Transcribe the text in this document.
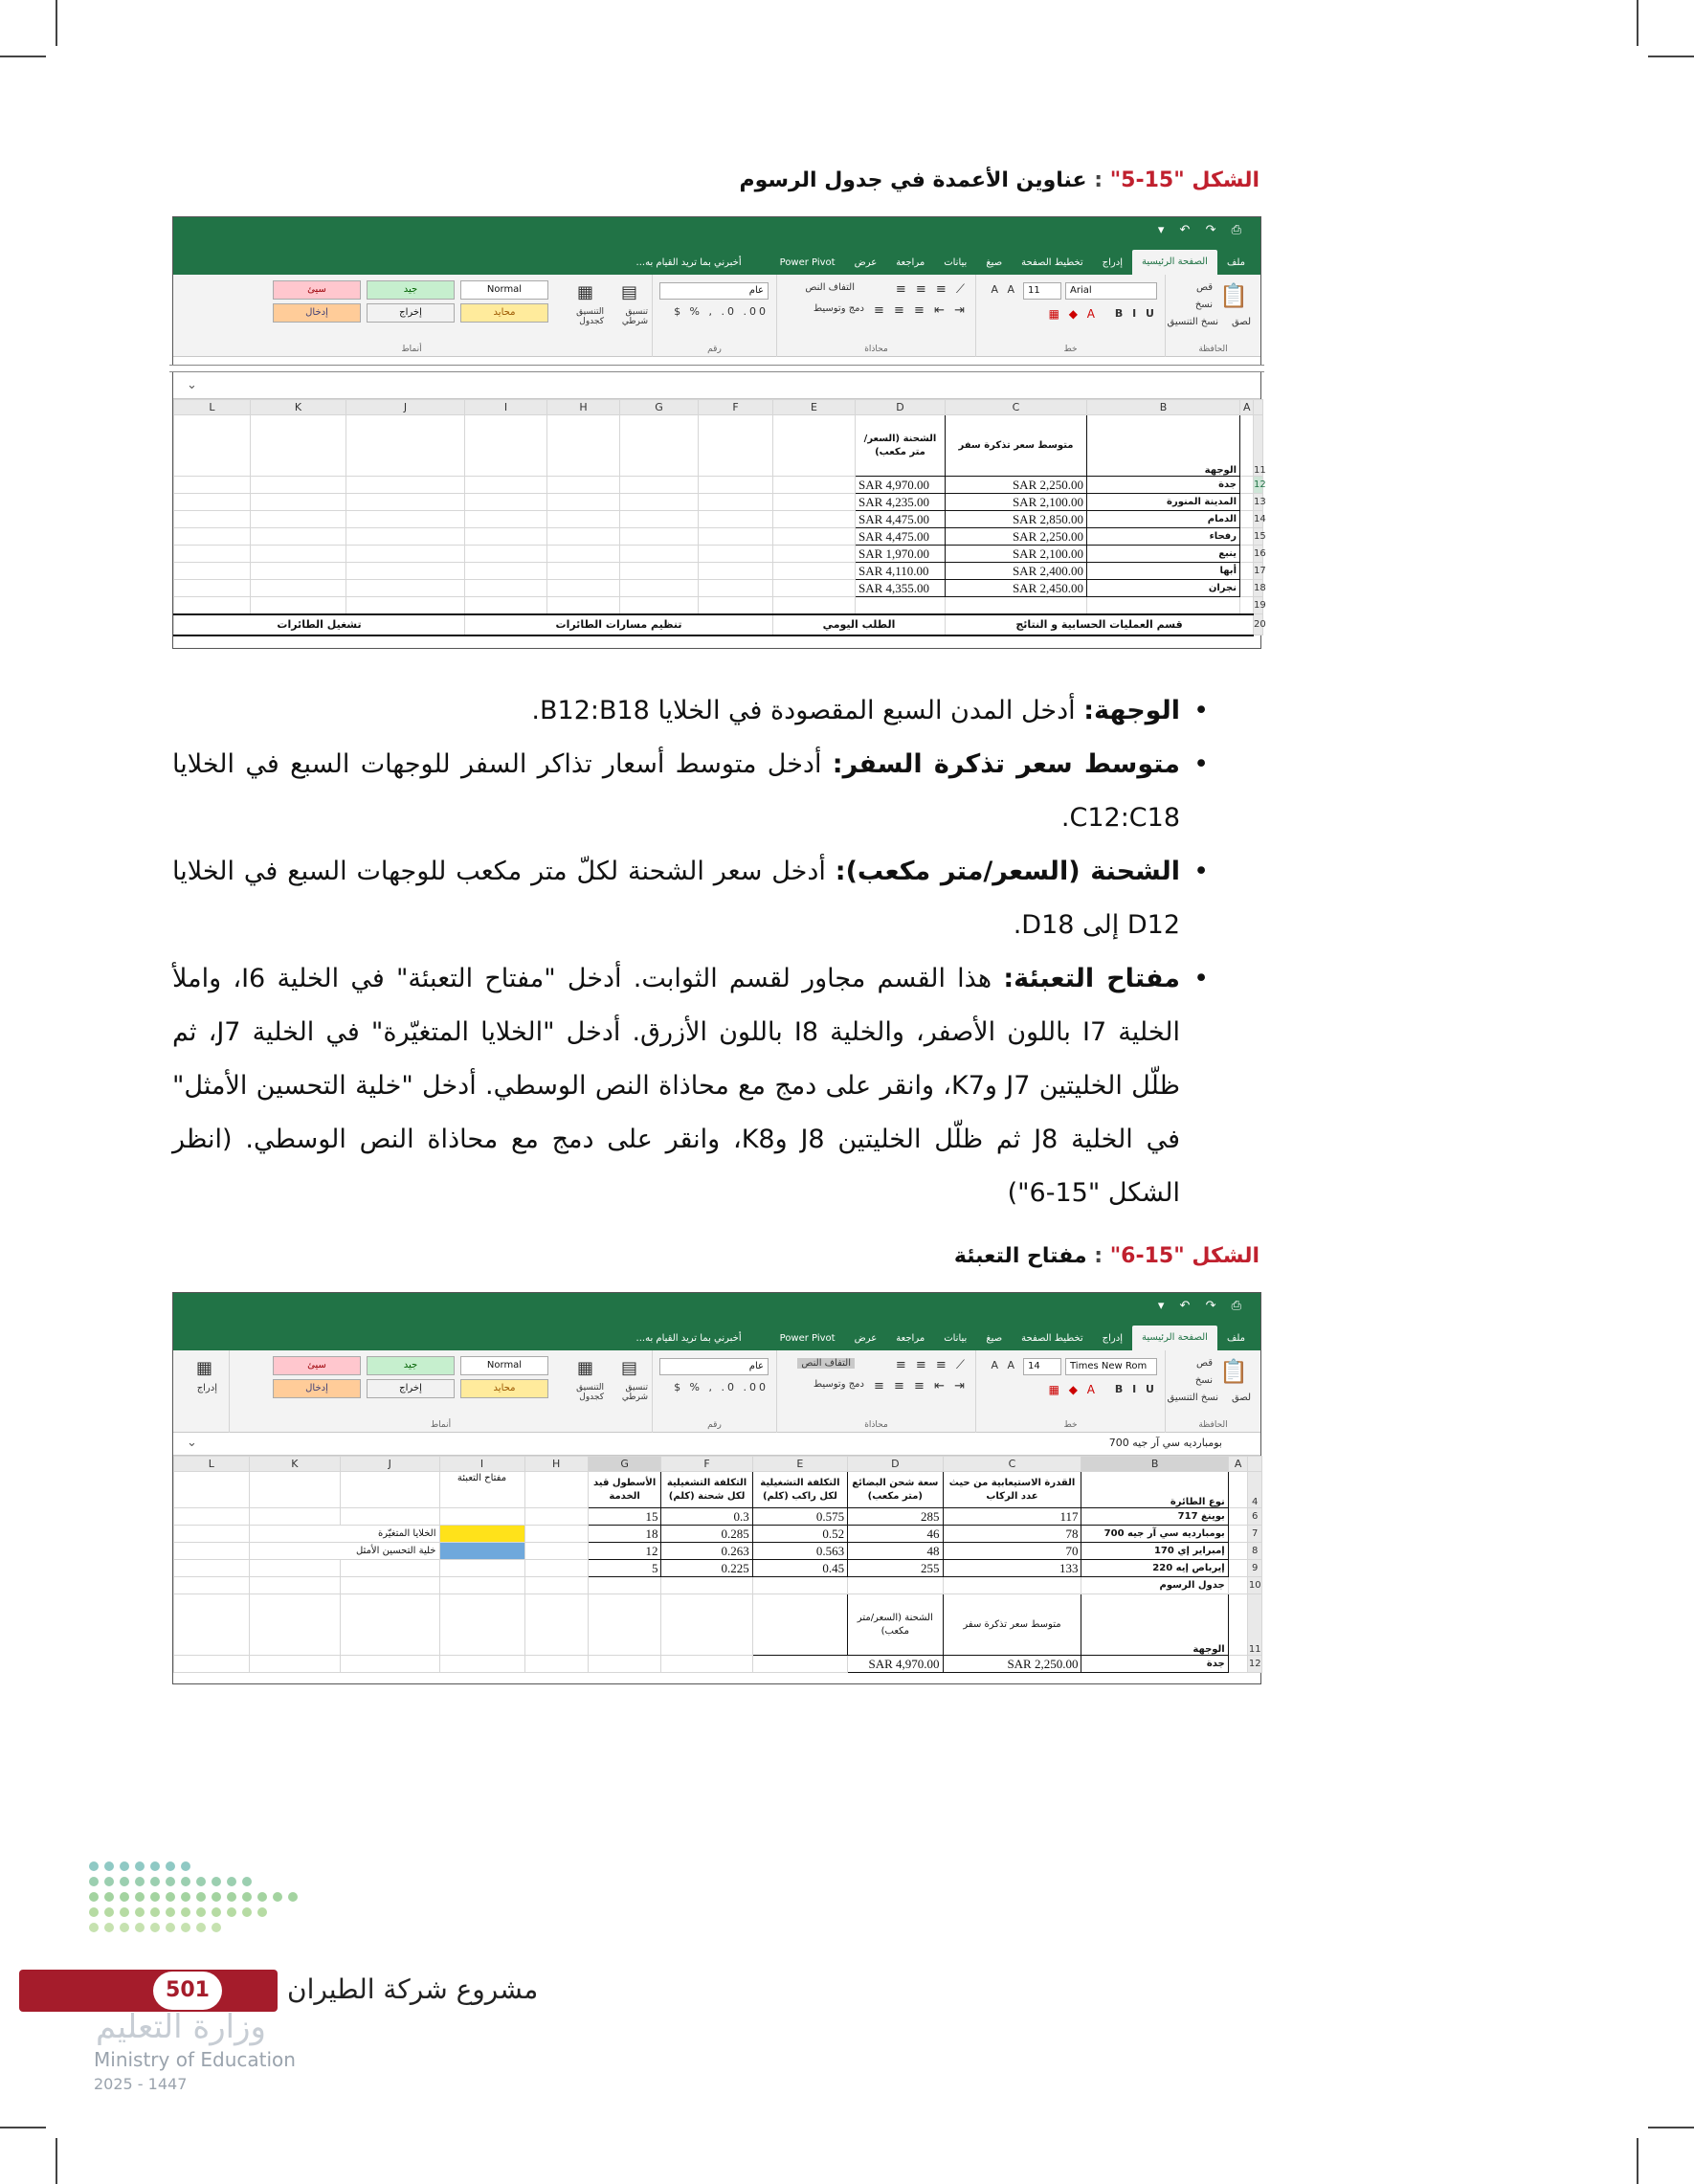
الشكل "15-5" : عناوين الأعمدة في جدول الرسوم
▾ ↶ ↷ ⎙
ملف
الصفحة الرئيسية
إدراج
تخطيط الصفحة
صيغ
بيانات
مراجعة
عرض
Power Pivot
أخبرني بما تريد القيام به...
📋
لصق
قص
نسخ
نسخ التنسيق
الحافظة
Arial
11
A A
B I U
▦ ◆ A
خط
≡ ≡ ≡ ⟋
≡ ≡ ≡ ⇤ ⇥
التفاف النص
دمج وتوسيط
محاذاة
عام
$ % , .0 .00
رقم
▤
تنسيق شرطي
▦
التنسيق كجدول
Normal
جيد
سيئ
محايد
إخراج
إدخال
أنماط
⌄
L	K	J	I	H	G	F	E	D	C	B	A	
								الشحنة (السعر/متر مكعب)	متوسط سعر تذكرة سفر	الوجهة		11
								SAR 4,970.00	SAR 2,250.00	جدة		12
								SAR 4,235.00	SAR 2,100.00	المدينة المنورة		13
								SAR 4,475.00	SAR 2,850.00	الدمام		14
								SAR 4,475.00	SAR 2,250.00	رفحاء		15
								SAR 1,970.00	SAR 2,100.00	ينبع		16
								SAR 4,110.00	SAR 2,400.00	أبها		17
								SAR 4,355.00	SAR 2,450.00	نجران		18
												19
تشغيل الطائرات			تنظيم مسارات الطائرات				الطلب اليومي		قسم العمليات الحسابية و النتائج			20
• الوجهة: أدخل المدن السبع المقصودة في الخلايا B12:B18.
• متوسط سعر تذكرة السفر: أدخل متوسط أسعار تذاكر السفر للوجهات السبع في الخلايا C12:C18.
• الشحنة (السعر/متر مكعب): أدخل سعر الشحنة لكلّ متر مكعب للوجهات السبع في الخلايا D12 إلى D18.
• مفتاح التعبئة: هذا القسم مجاور لقسم الثوابت. أدخل "مفتاح التعبئة" في الخلية I6، واملأ الخلية I7 باللون الأصفر، والخلية I8 باللون الأزرق. أدخل "الخلايا المتغيّرة" في الخلية J7، ثم ظلّل الخليتين J7 وK7، وانقر على دمج مع محاذاة النص الوسطي. أدخل "خلية التحسين الأمثل" في الخلية J8 ثم ظلّل الخليتين J8 وK8، وانقر على دمج مع محاذاة النص الوسطي. (انظر الشكل "15-6")
الشكل "15-6" : مفتاح التعبئة
▾ ↶ ↷ ⎙
ملف
الصفحة الرئيسية
إدراج
تخطيط الصفحة
صيغ
بيانات
مراجعة
عرض
Power Pivot
أخبرني بما تريد القيام به...
📋
لصق
قص
نسخ
نسخ التنسيق
الحافظة
Times New Rom
14
A A
B I U
▦ ◆ A
خط
≡ ≡ ≡ ⟋
≡ ≡ ≡ ⇤ ⇥
التفاف النص
دمج وتوسيط
محاذاة
عام
$ % , .0 .00
رقم
▤
تنسيق شرطي
▦
التنسيق كجدول
Normal
جيد
سيئ
محايد
إخراج
إدخال
أنماط
▦
إدراج
⌄	بومبارديه سي آر جيه 700
L	K	J	I	H	G	F	E	D	C	B	A	
			مفتاح التعبئة		الأسطول قيد الخدمة	التكلفة التشغيلية لكل شحنة (كلم)	التكلفة التشغيلية لكل راكب (كلم)	سعة شحن البضائع (متر مكعب)	القدرة الاستيعابية من حيث عدد الركاب	نوع الطائرة		4
					15	0.3	0.575	285	117	بوينغ 717		6
	الخلايا المتغيّرة				18	0.285	0.52	46	78	بومبارديه سي آر جيه 700		7
	خلية التحسين الأمثل				12	0.263	0.563	48	70	إمبراير إي 170		8
					5	0.225	0.45	255	133	إيرباص إيه 220		9
										جدول الرسوم		10
								الشحنة (السعر/متر مكعب)	متوسط سعر تذكرة سفر	الوجهة		11
								SAR 4,970.00	SAR 2,250.00	جدة		12
501	مشروع شركة الطيران
وزارة التعليم
Ministry of Education
2025 - 1447
